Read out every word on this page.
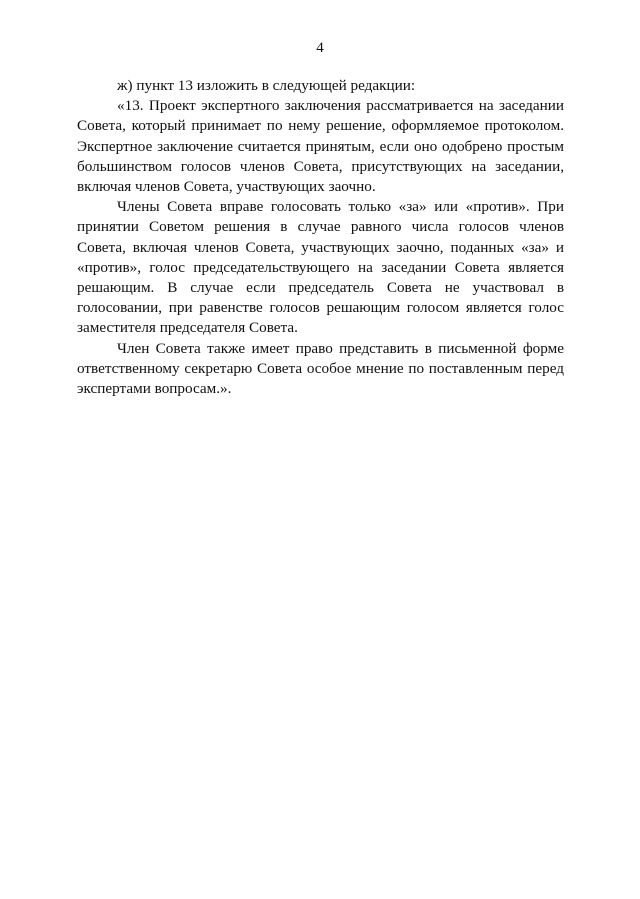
4

ж) пункт 13 изложить в следующей редакции:

«13. Проект экспертного заключения рассматривается на заседании Совета, который принимает по нему решение, оформляемое протоколом. Экспертное заключение считается принятым, если оно одобрено простым большинством голосов членов Совета, присутствующих на заседании, включая членов Совета, участвующих заочно.

Члены Совета вправе голосовать только «за» или «против». При принятии Советом решения в случае равного числа голосов членов Совета, включая членов Совета, участвующих заочно, поданных «за» и «против», голос председательствующего на заседании Совета является решающим. В случае если председатель Совета не участвовал в голосовании, при равенстве голосов решающим голосом является голос заместителя председателя Совета.

Член Совета также имеет право представить в письменной форме ответственному секретарю Совета особое мнение по поставленным перед экспертами вопросам.».
